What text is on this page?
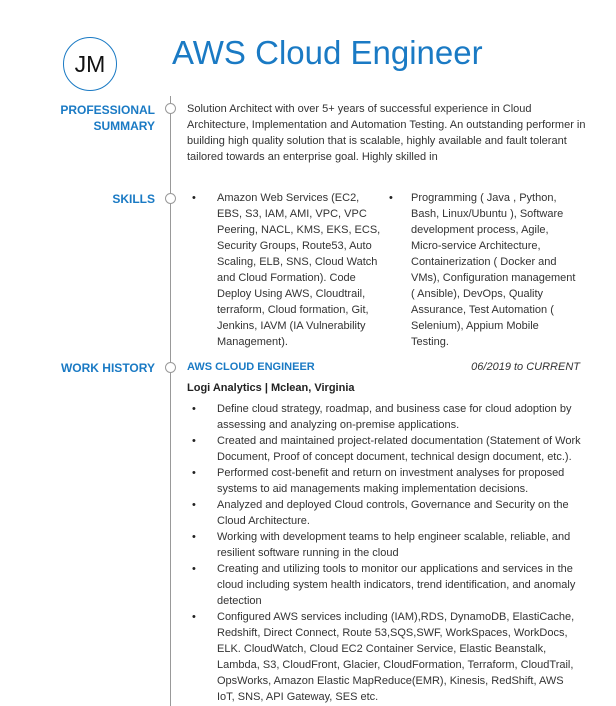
JM	AWS Cloud Engineer
PROFESSIONAL
SUMMARY
Solution Architect with over 5+ years of successful experience in Cloud Architecture, Implementation and Automation Testing. An outstanding performer in building high quality solution that is scalable, highly available and fault tolerant tailored towards an enterprise goal. Highly skilled in
SKILLS	• Amazon Web Services (EC2, EBS, S3, IAM, AMI, VPC, VPC Peering, NACL, KMS, EKS, ECS, Security Groups, Route53, Auto Scaling, ELB, SNS, Cloud Watch and Cloud Formation). Code Deploy Using AWS, Cloudtrail, terraform, Cloud formation, Git, Jenkins, IAVM (IA Vulnerability Management).
• Programming ( Java , Python, Bash, Linux/Ubuntu ), Software development process, Agile, Micro-service Architecture, Containerization ( Docker and VMs), Configuration management ( Ansible), DevOps, Quality Assurance, Test Automation ( Selenium), Appium Mobile Testing.
WORK HISTORY	AWS CLOUD ENGINEER	06/2019 to CURRENT
Logi Analytics | Mclean, Virginia
• Define cloud strategy, roadmap, and business case for cloud adoption by assessing and analyzing on-premise applications.
• Created and maintained project-related documentation (Statement of Work Document, Proof of concept document, technical design document, etc.).
• Performed cost-benefit and return on investment analyses for proposed systems to aid managements making implementation decisions.
• Analyzed and deployed Cloud controls, Governance and Security on the Cloud Architecture.
• Working with development teams to help engineer scalable, reliable, and resilient software running in the cloud
• Creating and utilizing tools to monitor our applications and services in the cloud including system health indicators, trend identification, and anomaly detection
• Configured AWS services including (IAM),RDS, DynamoDB, ElastiCache, Redshift, Direct Connect, Route 53,SQS,SWF, WorkSpaces, WorkDocs, ELK. CloudWatch, Cloud EC2 Container Service, Elastic Beanstalk, Lambda, S3, CloudFront, Glacier, CloudFormation, Terraform, CloudTrail, OpsWorks, Amazon Elastic MapReduce(EMR), Kinesis, RedShift, AWS IoT, SNS, API Gateway, SES etc.
